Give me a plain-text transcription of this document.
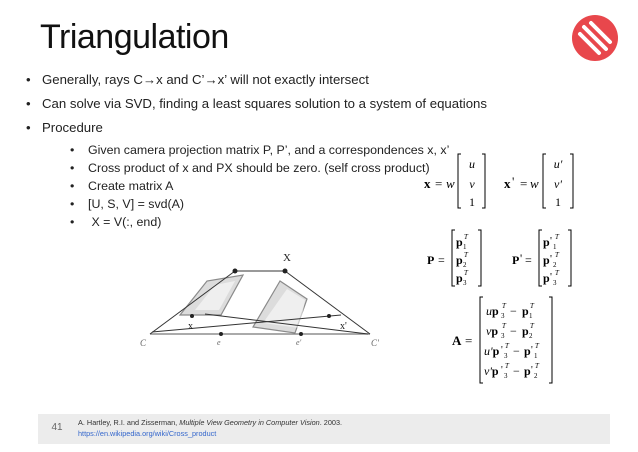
Triangulation
• Generally, rays C→x and C’→x’ will not exactly intersect
• Can solve via SVD, finding a least squares solution to a system of equations
• Procedure
• Given camera projection matrix P, P’, and a correspondences x, x’
• Cross product of x and PX should be zero. (self cross product)
• Create matrix A
• [U, S, V] = svd(A)
• X = V(:, end)
X
x	x'
C	C'
e	e'
x = w
u
v
1
x ' = w
u'
v'
1
P =
p 1
T
p 2
T
p 3
T
P ' =
p ' 1
T
p ' 2
T
p ' 3
T
A =
up 3
T − p 1
T
vp 3
T − p 2
T
u'p ' 3
T − p ' 1
T
v'p ' 3
T − p ' 2
T
41	A. Hartley, R.I. and Zisserman, Multiple View Geometry in Computer Vision. 2003.
https://en.wikipedia.org/wiki/Cross_product
